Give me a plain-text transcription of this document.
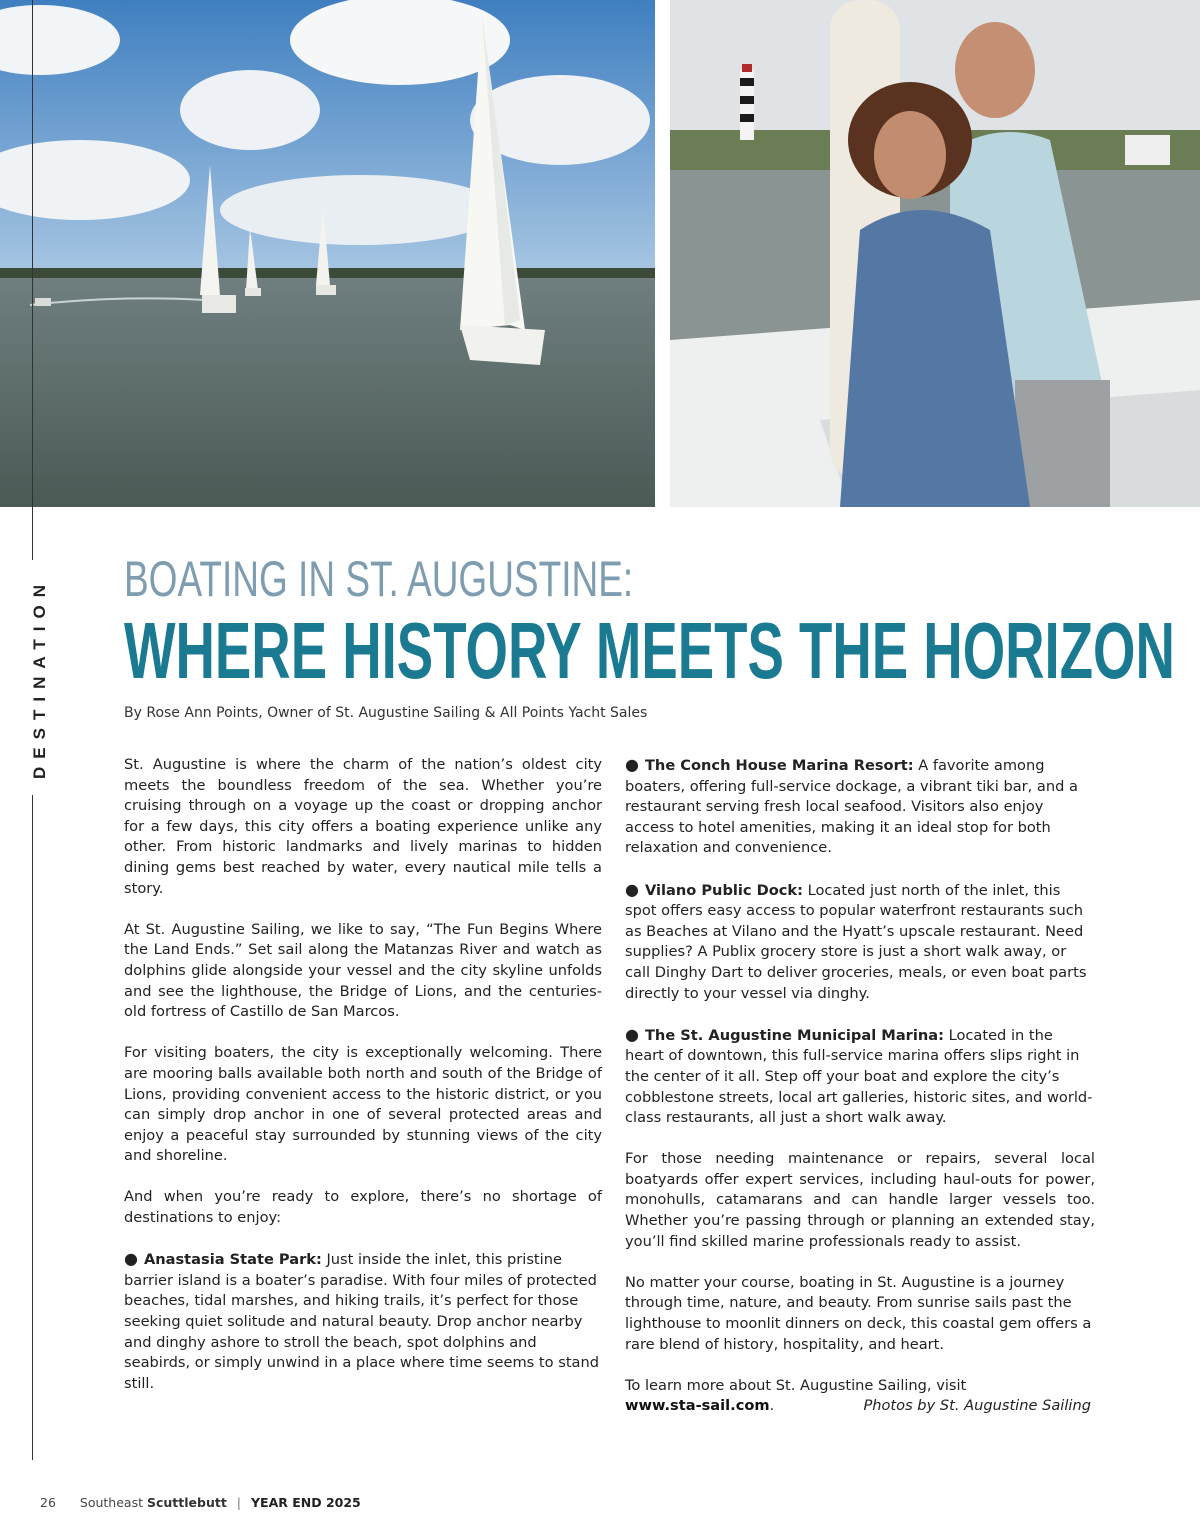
DESTINATION BOATING IN ST. AUGUSTINE:
WHERE HISTORY MEETS THE HORIZON
By Rose Ann Points, Owner of St. Augustine Sailing & All Points Yacht Sales

St. Augustine is where the charm of the nation’s oldest city meets the boundless freedom of the sea. Whether you’re cruising through on a voyage up the coast or dropping anchor for a few days, this city offers a boating experience unlike any other. From historic landmarks and lively marinas to hidden dining gems best reached by water, every nautical mile tells a story.

At St. Augustine Sailing, we like to say, “The Fun Begins Where the Land Ends.” Set sail along the Matanzas River and watch as dolphins glide alongside your vessel and the city skyline unfolds and see the lighthouse, the Bridge of Lions, and the centuries-old fortress of Castillo de San Marcos.

For visiting boaters, the city is exceptionally welcoming. There are mooring balls available both north and south of the Bridge of Lions, providing convenient access to the historic district, or you can simply drop anchor in one of several protected areas and enjoy a peaceful stay surrounded by stunning views of the city and shoreline.

And when you’re ready to explore, there’s no shortage of destinations to enjoy:

● Anastasia State Park: Just inside the inlet, this pristine barrier island is a boater’s paradise. With four miles of protected beaches, tidal marshes, and hiking trails, it’s perfect for those seeking quiet solitude and natural beauty. Drop anchor nearby and dinghy ashore to stroll the beach, spot dolphins and seabirds, or simply unwind in a place where time seems to stand still.

● The Conch House Marina Resort: A favorite among boaters, offering full-service dockage, a vibrant tiki bar, and a restaurant serving fresh local seafood. Visitors also enjoy access to hotel amenities, making it an ideal stop for both relaxation and convenience.

● Vilano Public Dock: Located just north of the inlet, this spot offers easy access to popular waterfront restaurants such as Beaches at Vilano and the Hyatt’s upscale restaurant. Need supplies? A Publix grocery store is just a short walk away, or call Dinghy Dart to deliver groceries, meals, or even boat parts directly to your vessel via dinghy.

● The St. Augustine Municipal Marina: Located in the heart of downtown, this full-service marina offers slips right in the center of it all. Step off your boat and explore the city’s cobblestone streets, local art galleries, historic sites, and world-class restaurants, all just a short walk away.

For those needing maintenance or repairs, several local boatyards offer expert services, including haul-outs for power, monohulls, catamarans and can handle larger vessels too. Whether you’re passing through or planning an extended stay, you’ll find skilled marine professionals ready to assist.

No matter your course, boating in St. Augustine is a journey through time, nature, and beauty. From sunrise sails past the lighthouse to moonlit dinners on deck, this coastal gem offers a rare blend of history, hospitality, and heart.

To learn more about St. Augustine Sailing, visit
www.sta-sail.com.	Photos by St. Augustine Sailing

26 Southeast Scuttlebutt | YEAR END 2025
